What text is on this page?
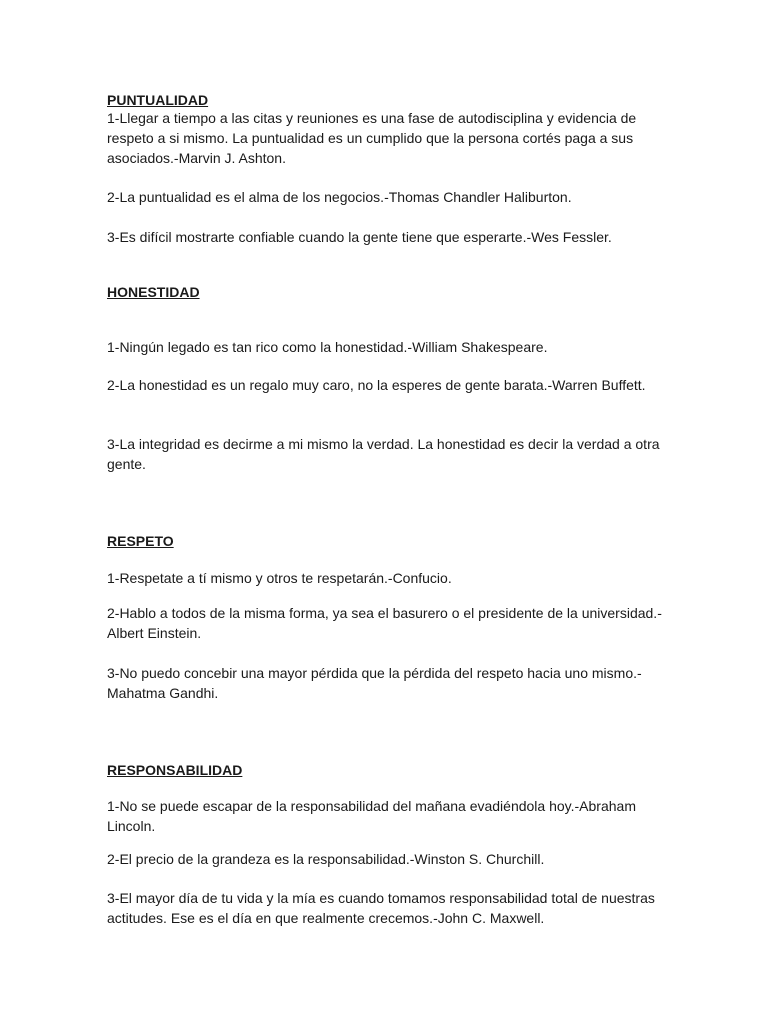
PUNTUALIDAD
1-Llegar a tiempo a las citas y reuniones es una fase de autodisciplina y evidencia de respeto a si mismo. La puntualidad es un cumplido que la persona cortés paga a sus asociados.-Marvin J. Ashton.
2-La puntualidad es el alma de los negocios.-Thomas Chandler Haliburton.
3-Es difícil mostrarte confiable cuando la gente tiene que esperarte.-Wes Fessler.
HONESTIDAD
1-Ningún legado es tan rico como la honestidad.-William Shakespeare.
2-La honestidad es un regalo muy caro, no la esperes de gente barata.-Warren Buffett.
3-La integridad es decirme a mi mismo la verdad. La honestidad es decir la verdad a otra gente.
RESPETO
1-Respetate a tí mismo y otros te respetarán.-Confucio.
2-Hablo a todos de la misma forma, ya sea el basurero o el presidente de la universidad.-Albert Einstein.
3-No puedo concebir una mayor pérdida que la pérdida del respeto hacia uno mismo.-Mahatma Gandhi.
RESPONSABILIDAD
1-No se puede escapar de la responsabilidad del mañana evadiéndola hoy.-Abraham Lincoln.
2-El precio de la grandeza es la responsabilidad.-Winston S. Churchill.
3-El mayor día de tu vida y la mía es cuando tomamos responsabilidad total de nuestras actitudes. Ese es el día en que realmente crecemos.-John C. Maxwell.
